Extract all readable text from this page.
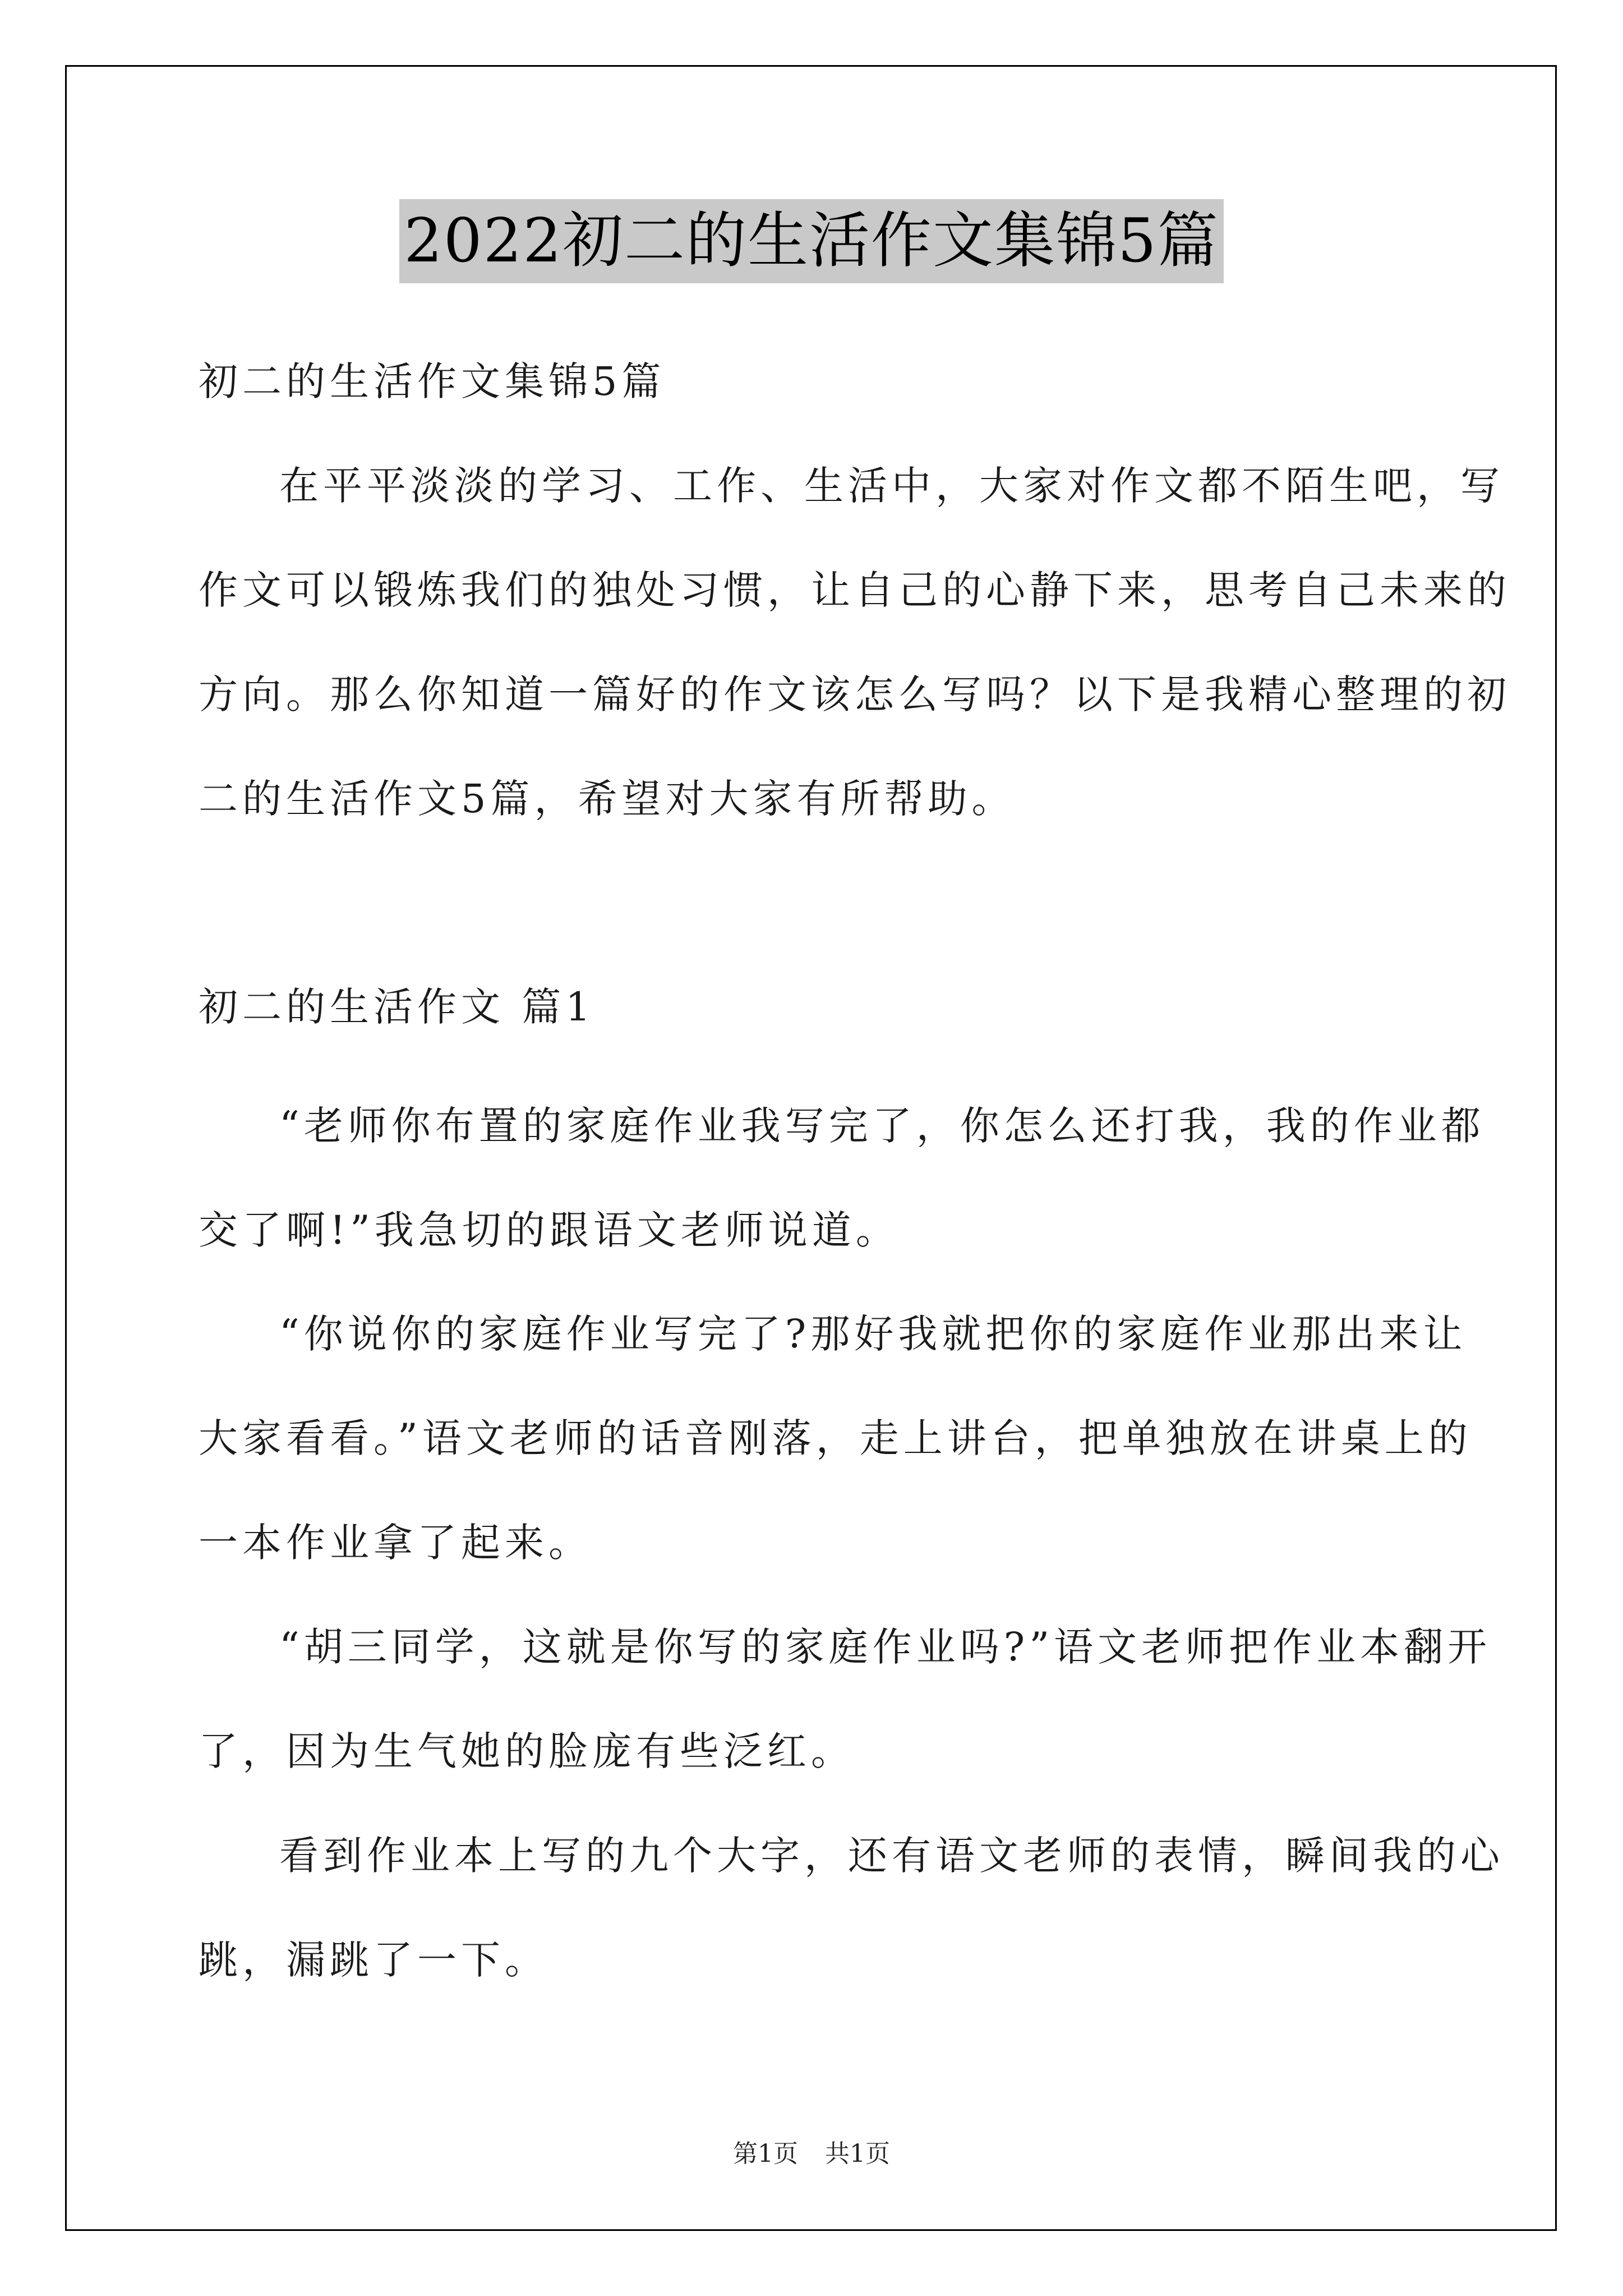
2022初二的生活作文集锦5篇
初二的生活作文集锦5篇
在平平淡淡的学习、工作、生活中，大家对作文都不陌生吧，写
作文可以锻炼我们的独处习惯，让自己的心静下来，思考自己未来的
方向。那么你知道一篇好的作文该怎么写吗？以下是我精心整理的初
二的生活作文5篇，希望对大家有所帮助。
初二的生活作文 篇1
“老师你布置的家庭作业我写完了，你怎么还打我，我的作业都
交了啊!”我急切的跟语文老师说道。
“你说你的家庭作业写完了?那好我就把你的家庭作业那出来让
大家看看。”语文老师的话音刚落，走上讲台，把单独放在讲桌上的
一本作业拿了起来。
“胡三同学，这就是你写的家庭作业吗?”语文老师把作业本翻开
了，因为生气她的脸庞有些泛红。
看到作业本上写的九个大字，还有语文老师的表情，瞬间我的心
跳，漏跳了一下。
第1页 共1页
